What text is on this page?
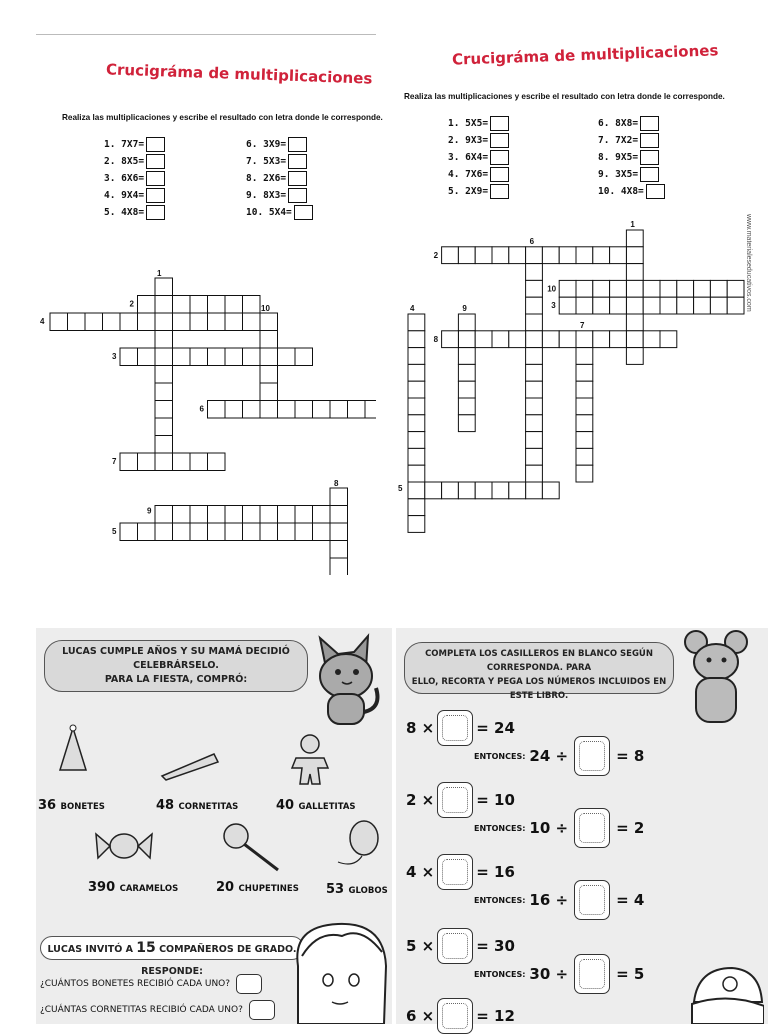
Crucigráma de multiplicaciones
Realiza las multiplicaciones y escribe el resultado con letra donde le corresponde.
1. 7X7=
2. 8X5=
3. 6X6=
4. 9X4=
5. 4X8=
6. 3X9=
7. 5X3=
8. 2X6=
9. 8X3=
10. 5X4=
1
2
4
10
3
6
7
8
9
5
Crucigráma de multiplicaciones
Realiza las multiplicaciones y escribe el resultado con letra donde le corresponde.
1. 5X5=
2. 9X3=
3. 6X4=
4. 7X6=
5. 2X9=
6. 8X8=
7. 7X2=
8. 9X5=
9. 3X5=
10. 4X8=
www.materialeseducativos.com
1
2
6
10
3
4	9
8
7
5
LUCAS CUMPLE AÑOS Y SU MAMÁ DECIDIÓ CELEBRÁRSELO.
PARA LA FIESTA, COMPRÓ:
36 BONETES	48 CORNETITAS	40 GALLETITAS
390 CARAMELOS	20 CHUPETINES 53 GLOBOS
LUCAS INVITÓ A 15 COMPAÑEROS DE GRADO. RESPONDE:
¿CUÁNTOS BONETES RECIBIÓ CADA UNO?
¿CUÁNTAS CORNETITAS RECIBIÓ CADA UNO?
COMPLETA LOS CASILLEROS EN BLANCO SEGÚN CORRESPONDA. PARA
ELLO, RECORTA Y PEGA LOS NÚMEROS INCLUIDOS EN ESTE LIBRO.
8 ×	= 24
ENTONCES: 24 ÷	= 8
2 ×	= 10
ENTONCES: 10 ÷	= 2
4 ×	= 16
ENTONCES: 16 ÷	= 4
5 ×	= 30
ENTONCES: 30 ÷	= 5
6 ×	= 12
